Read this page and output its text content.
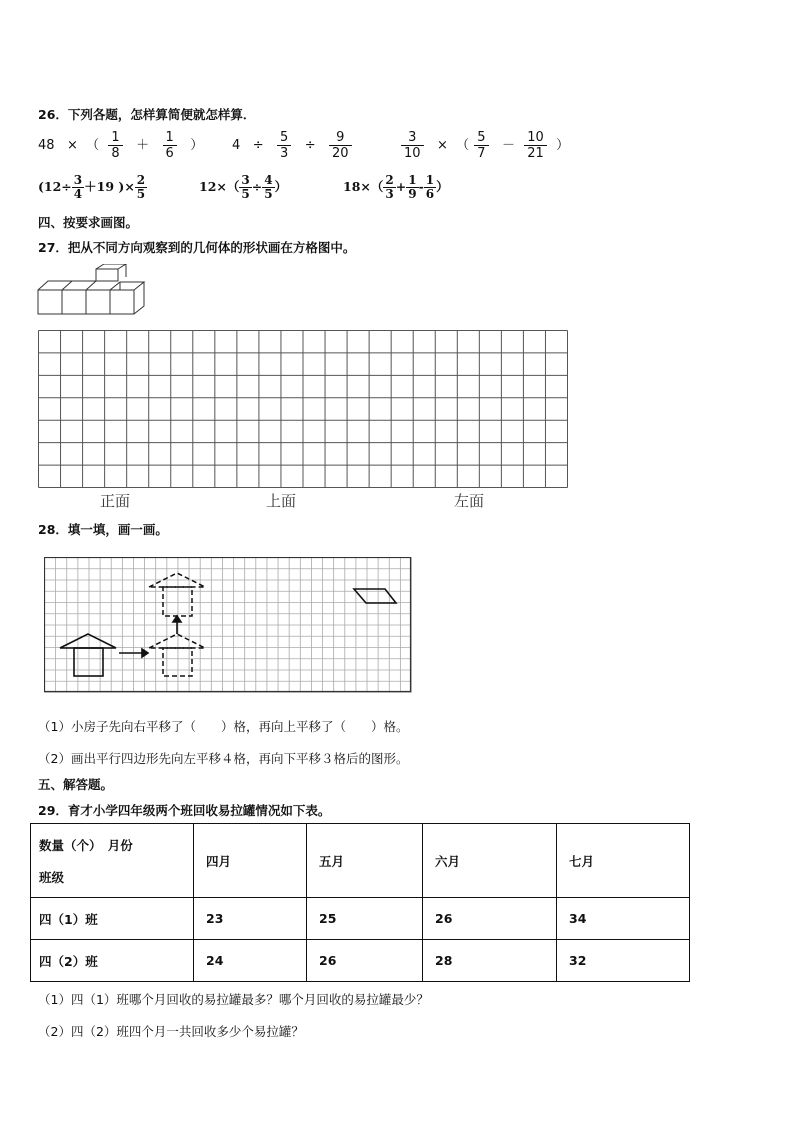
26．下列各题，怎样算简便就怎样算．
48 × （ $\frac{1}{8} + \frac{1}{6}$ ） $4 \div \frac{5}{3} \div \frac{9}{20}$	$\frac{3}{10}$ × （ $\frac{5}{7} - \frac{10}{21}$ ）
($12\div \frac{3}{4} +19$ )× $\frac{2}{5}$	$12\times( \frac{3}{5} \div \frac{4}{5}$ ）	$18\times( \frac{2}{3} + \frac{1}{9} - \frac{1}{6}$ ）
四、按要求画图。
27．把从不同方向观察到的几何体的形状画在方格图中。
正面	上面	左面
28．填一填，画一画。
（1）小房子先向右平移了（　　）格，再向上平移了（　　）格。
（2）画出平行四边形先向左平移４格，再向下平移３格后的图形。
五、解答题。
29．育才小学四年级两个班回收易拉罐情况如下表。
数量（个）　月份
班级	四月	五月	六月	七月
四（1）班	23	25	26	34
四（2）班	24	26	28	32
（1）四（1）班哪个月回收的易拉罐最多？哪个月回收的易拉罐最少？
（2）四（2）班四个月一共回收多少个易拉罐？
